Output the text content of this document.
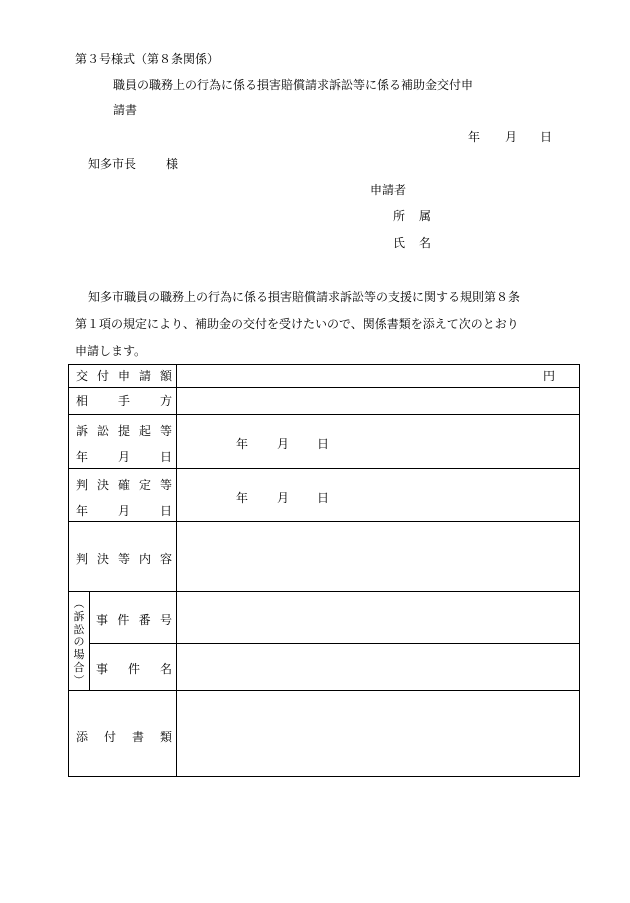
第３号様式（第８条関係）
職員の職務上の行為に係る損害賠償請求訴訟等に係る補助金交付申
請書
年 月 日
知多市長 様
申請者
所 属
氏 名
知多市職員の職務上の行為に係る損害賠償請求訴訟等の支援に関する規則第８条
第１項の規定により、補助金の交付を受けたいので、関係書類を添えて次のとおり
申請します。
交 付 申 請 額	円
相 手 方
訴 訟 提 起 等
年 月 日
年 月 日
判 決 確 定 等
年 月 日
年 月 日
判 決 等 内 容
︵
訴
訟
の
場
合
︶
事 件 番 号
事 件 名
添 付 書 類
